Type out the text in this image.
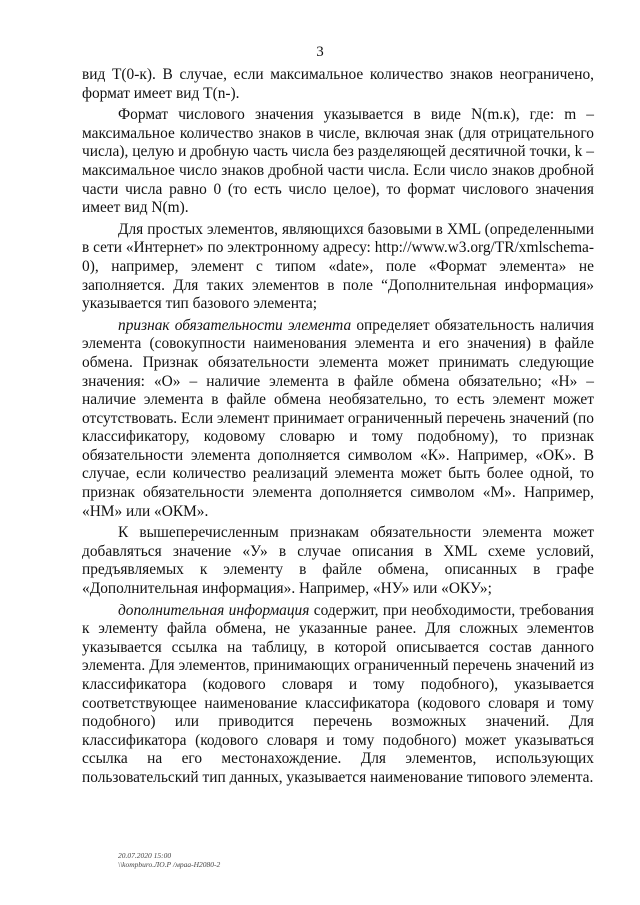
3

вид T(0-к). В случае, если максимальное количество знаков неограничено, формат имеет вид T(n-).

Формат числового значения указывается в виде N(m.к), где: m – максимальное количество знаков в числе, включая знак (для отрицательного числа), целую и дробную часть числа без разделяющей десятичной точки, k – максимальное число знаков дробной части числа. Если число знаков дробной части числа равно 0 (то есть число целое), то формат числового значения имеет вид N(m).

Для простых элементов, являющихся базовыми в XML (определенными в сети «Интернет» по электронному адресу: http://www.w3.org/TR/xmlschema-0), например, элемент с типом «date», поле «Формат элемента» не заполняется. Для таких элементов в поле “Дополнительная информация» указывается тип базового элемента;

признак обязательности элемента определяет обязательность наличия элемента (совокупности наименования элемента и его значения) в файле обмена. Признак обязательности элемента может принимать следующие значения: «О» – наличие элемента в файле обмена обязательно; «Н» – наличие элемента в файле обмена необязательно, то есть элемент может отсутствовать. Если элемент принимает ограниченный перечень значений (по классификатору, кодовому словарю и тому подобному), то признак обязательности элемента дополняется символом «К». Например, «ОК». В случае, если количество реализаций элемента может быть более одной, то признак обязательности элемента дополняется символом «М». Например, «НМ» или «ОКМ».

К вышеперечисленным признакам обязательности элемента может добавляться значение «У» в случае описания в XML схеме условий, предъявляемых к элементу в файле обмена, описанных в графе «Дополнительная информация». Например, «НУ» или «ОКУ»;

дополнительная информация содержит, при необходимости, требования к элементу файла обмена, не указанные ранее. Для сложных элементов указывается ссылка на таблицу, в которой описывается состав данного элемента. Для элементов, принимающих ограниченный перечень значений из классификатора (кодового словаря и тому подобного), указывается соответствующее наименование классификатора (кодового словаря и тому подобного) или приводится перечень возможных значений. Для классификатора (кодового словаря и тому подобного) может указываться ссылка на его местонахождение. Для элементов, использующих пользовательский тип данных, указывается наименование типового элемента.

20.07.2020 15:00
\\kompburo.ЛО.Р /мраа-Н2080-2
